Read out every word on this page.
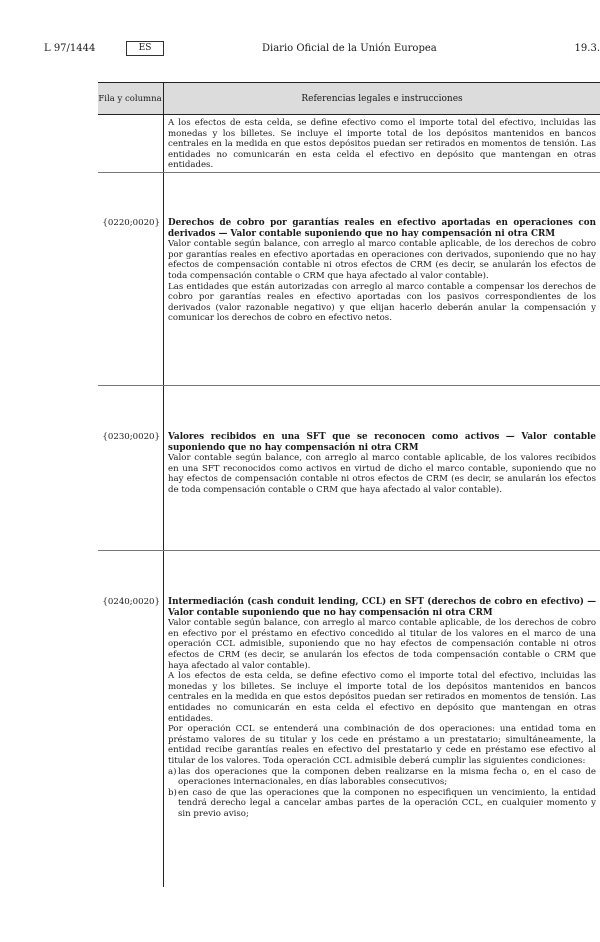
L 97/1444	ES	Diario Oficial de la Unión Europea	19.3.
Fila y columna	Referencias legales e instrucciones

A los efectos de esta celda, se define efectivo como el importe total del efectivo, incluidas las monedas y los billetes. Se incluye el importe total de los depósitos mantenidos en bancos centrales en la medida en que estos depósitos puedan ser retirados en momentos de tensión. Las entidades no comunicarán en esta celda el efectivo en depósito que mantengan en otras entidades.

{0220;0020} Derechos de cobro por garantías reales en efectivo aportadas en operaciones con derivados — Valor contable suponiendo que no hay compensación ni otra CRM

Valor contable según balance, con arreglo al marco contable aplicable, de los derechos de cobro por garantías reales en efectivo aportadas en operaciones con derivados, suponiendo que no hay efectos de compensación contable ni otros efectos de CRM (es decir, se anularán los efectos de toda compensación contable o CRM que haya afectado al valor contable).

Las entidades que están autorizadas con arreglo al marco contable a compensar los derechos de cobro por garantías reales en efectivo aportadas con los pasivos correspondientes de los derivados (valor razonable negativo) y que elijan hacerlo deberán anular la compensación y comunicar los derechos de cobro en efectivo netos.

{0230;0020} Valores recibidos en una SFT que se reconocen como activos — Valor contable suponiendo que no hay compensación ni otra CRM

Valor contable según balance, con arreglo al marco contable aplicable, de los valores recibidos en una SFT reconocidos como activos en virtud de dicho el marco contable, suponiendo que no hay efectos de compensación contable ni otros efectos de CRM (es decir, se anularán los efectos de toda compensación contable o CRM que haya afectado al valor contable).

{0240;0020} Intermediación (cash conduit lending, CCL) en SFT (derechos de cobro en efectivo) — Valor contable suponiendo que no hay compensación ni otra CRM

Valor contable según balance, con arreglo al marco contable aplicable, de los derechos de cobro en efectivo por el préstamo en efectivo concedido al titular de los valores en el marco de una operación CCL admisible, suponiendo que no hay efectos de compensación contable ni otros efectos de CRM (es decir, se anularán los efectos de toda compensación contable o CRM que haya afectado al valor contable).

A los efectos de esta celda, se define efectivo como el importe total del efectivo, incluidas las monedas y los billetes. Se incluye el importe total de los depósitos mantenidos en bancos centrales en la medida en que estos depósitos puedan ser retirados en momentos de tensión. Las entidades no comunicarán en esta celda el efectivo en depósito que mantengan en otras entidades.

Por operación CCL se entenderá una combinación de dos operaciones: una entidad toma en préstamo valores de su titular y los cede en préstamo a un prestatario; simultáneamente, la entidad recibe garantías reales en efectivo del prestatario y cede en préstamo ese efectivo al titular de los valores. Toda operación CCL admisible deberá cumplir las siguientes condiciones:

a) las dos operaciones que la componen deben realizarse en la misma fecha o, en el caso de operaciones internacionales, en días laborables consecutivos;
b) en caso de que las operaciones que la componen no especifiquen un vencimiento, la entidad tendrá derecho legal a cancelar ambas partes de la operación CCL, en cualquier momento y sin previo aviso;
